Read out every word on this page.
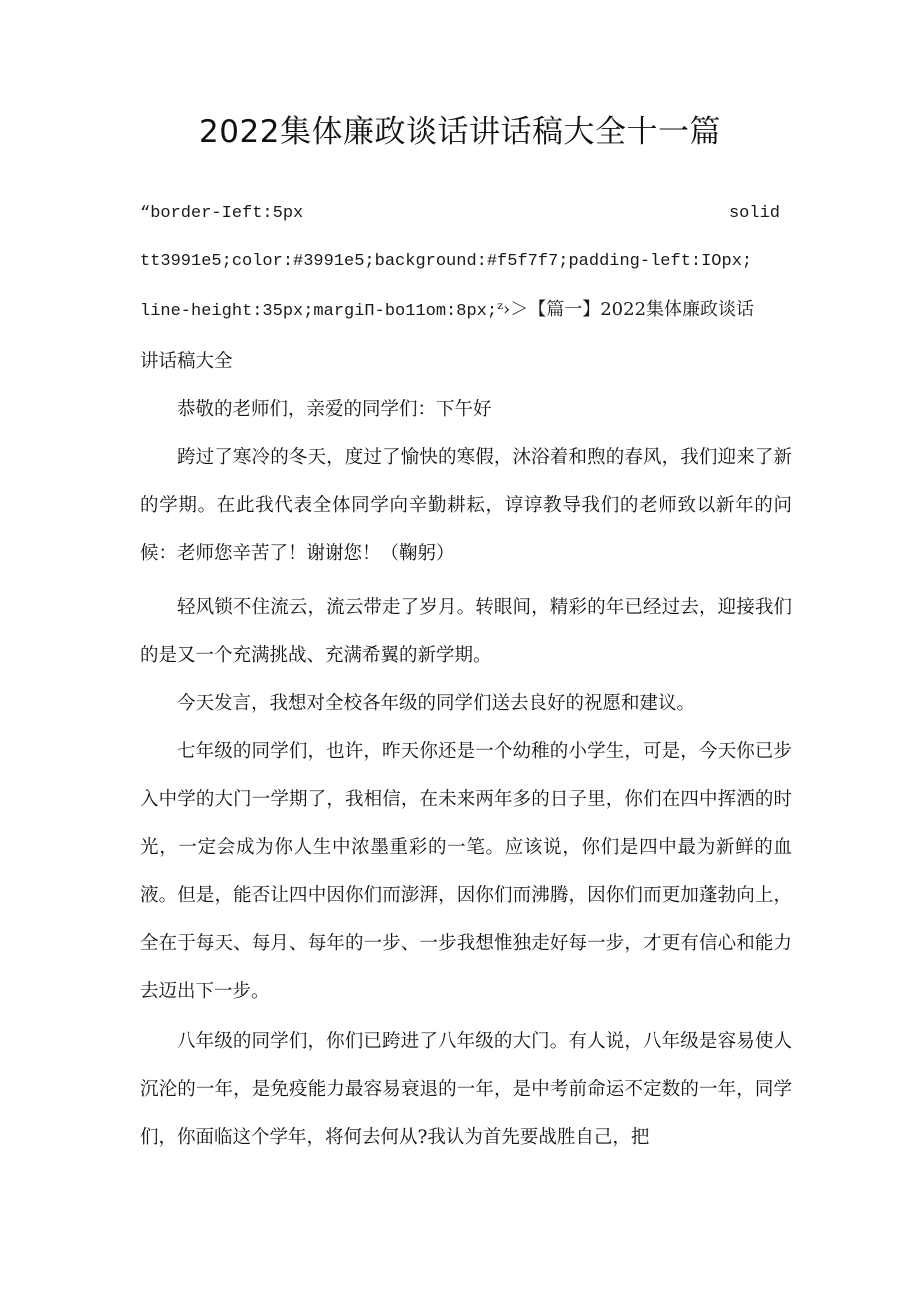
2022集体廉政谈话讲话稿大全十一篇
“border-Ieft:5px	solid
tt3991e5;color:#3991e5;background:#f5f7f7;padding-left:IOpx;
line-height:35px;margiΠ-bo11om:8px;ᶻ›＞【篇一】2022集体廉政谈话

讲话稿大全

恭敬的老师们，亲爱的同学们：下午好

跨过了寒冷的冬天，度过了愉快的寒假，沐浴着和煦的春风，我们迎来了新的学期。在此我代表全体同学向辛勤耕耘，谆谆教导我们的老师致以新年的问候：老师您辛苦了！谢谢您！（鞠躬）

轻风锁不住流云，流云带走了岁月。转眼间，精彩的年已经过去，迎接我们的是又一个充满挑战、充满希翼的新学期。

今天发言，我想对全校各年级的同学们送去良好的祝愿和建议。

七年级的同学们，也许，昨天你还是一个幼稚的小学生，可是，今天你已步入中学的大门一学期了，我相信，在未来两年多的日子里，你们在四中挥洒的时光，一定会成为你人生中浓墨重彩的一笔。应该说，你们是四中最为新鲜的血液。但是，能否让四中因你们而澎湃，因你们而沸腾，因你们而更加蓬勃向上，全在于每天、每月、每年的一步、一步我想惟独走好每一步，才更有信心和能力去迈出下一步。

八年级的同学们，你们已跨进了八年级的大门。有人说，八年级是容易使人沉沦的一年，是免疫能力最容易衰退的一年，是中考前命运不定数的一年，同学们，你面临这个学年，将何去何从?我认为首先要战胜自己，把
